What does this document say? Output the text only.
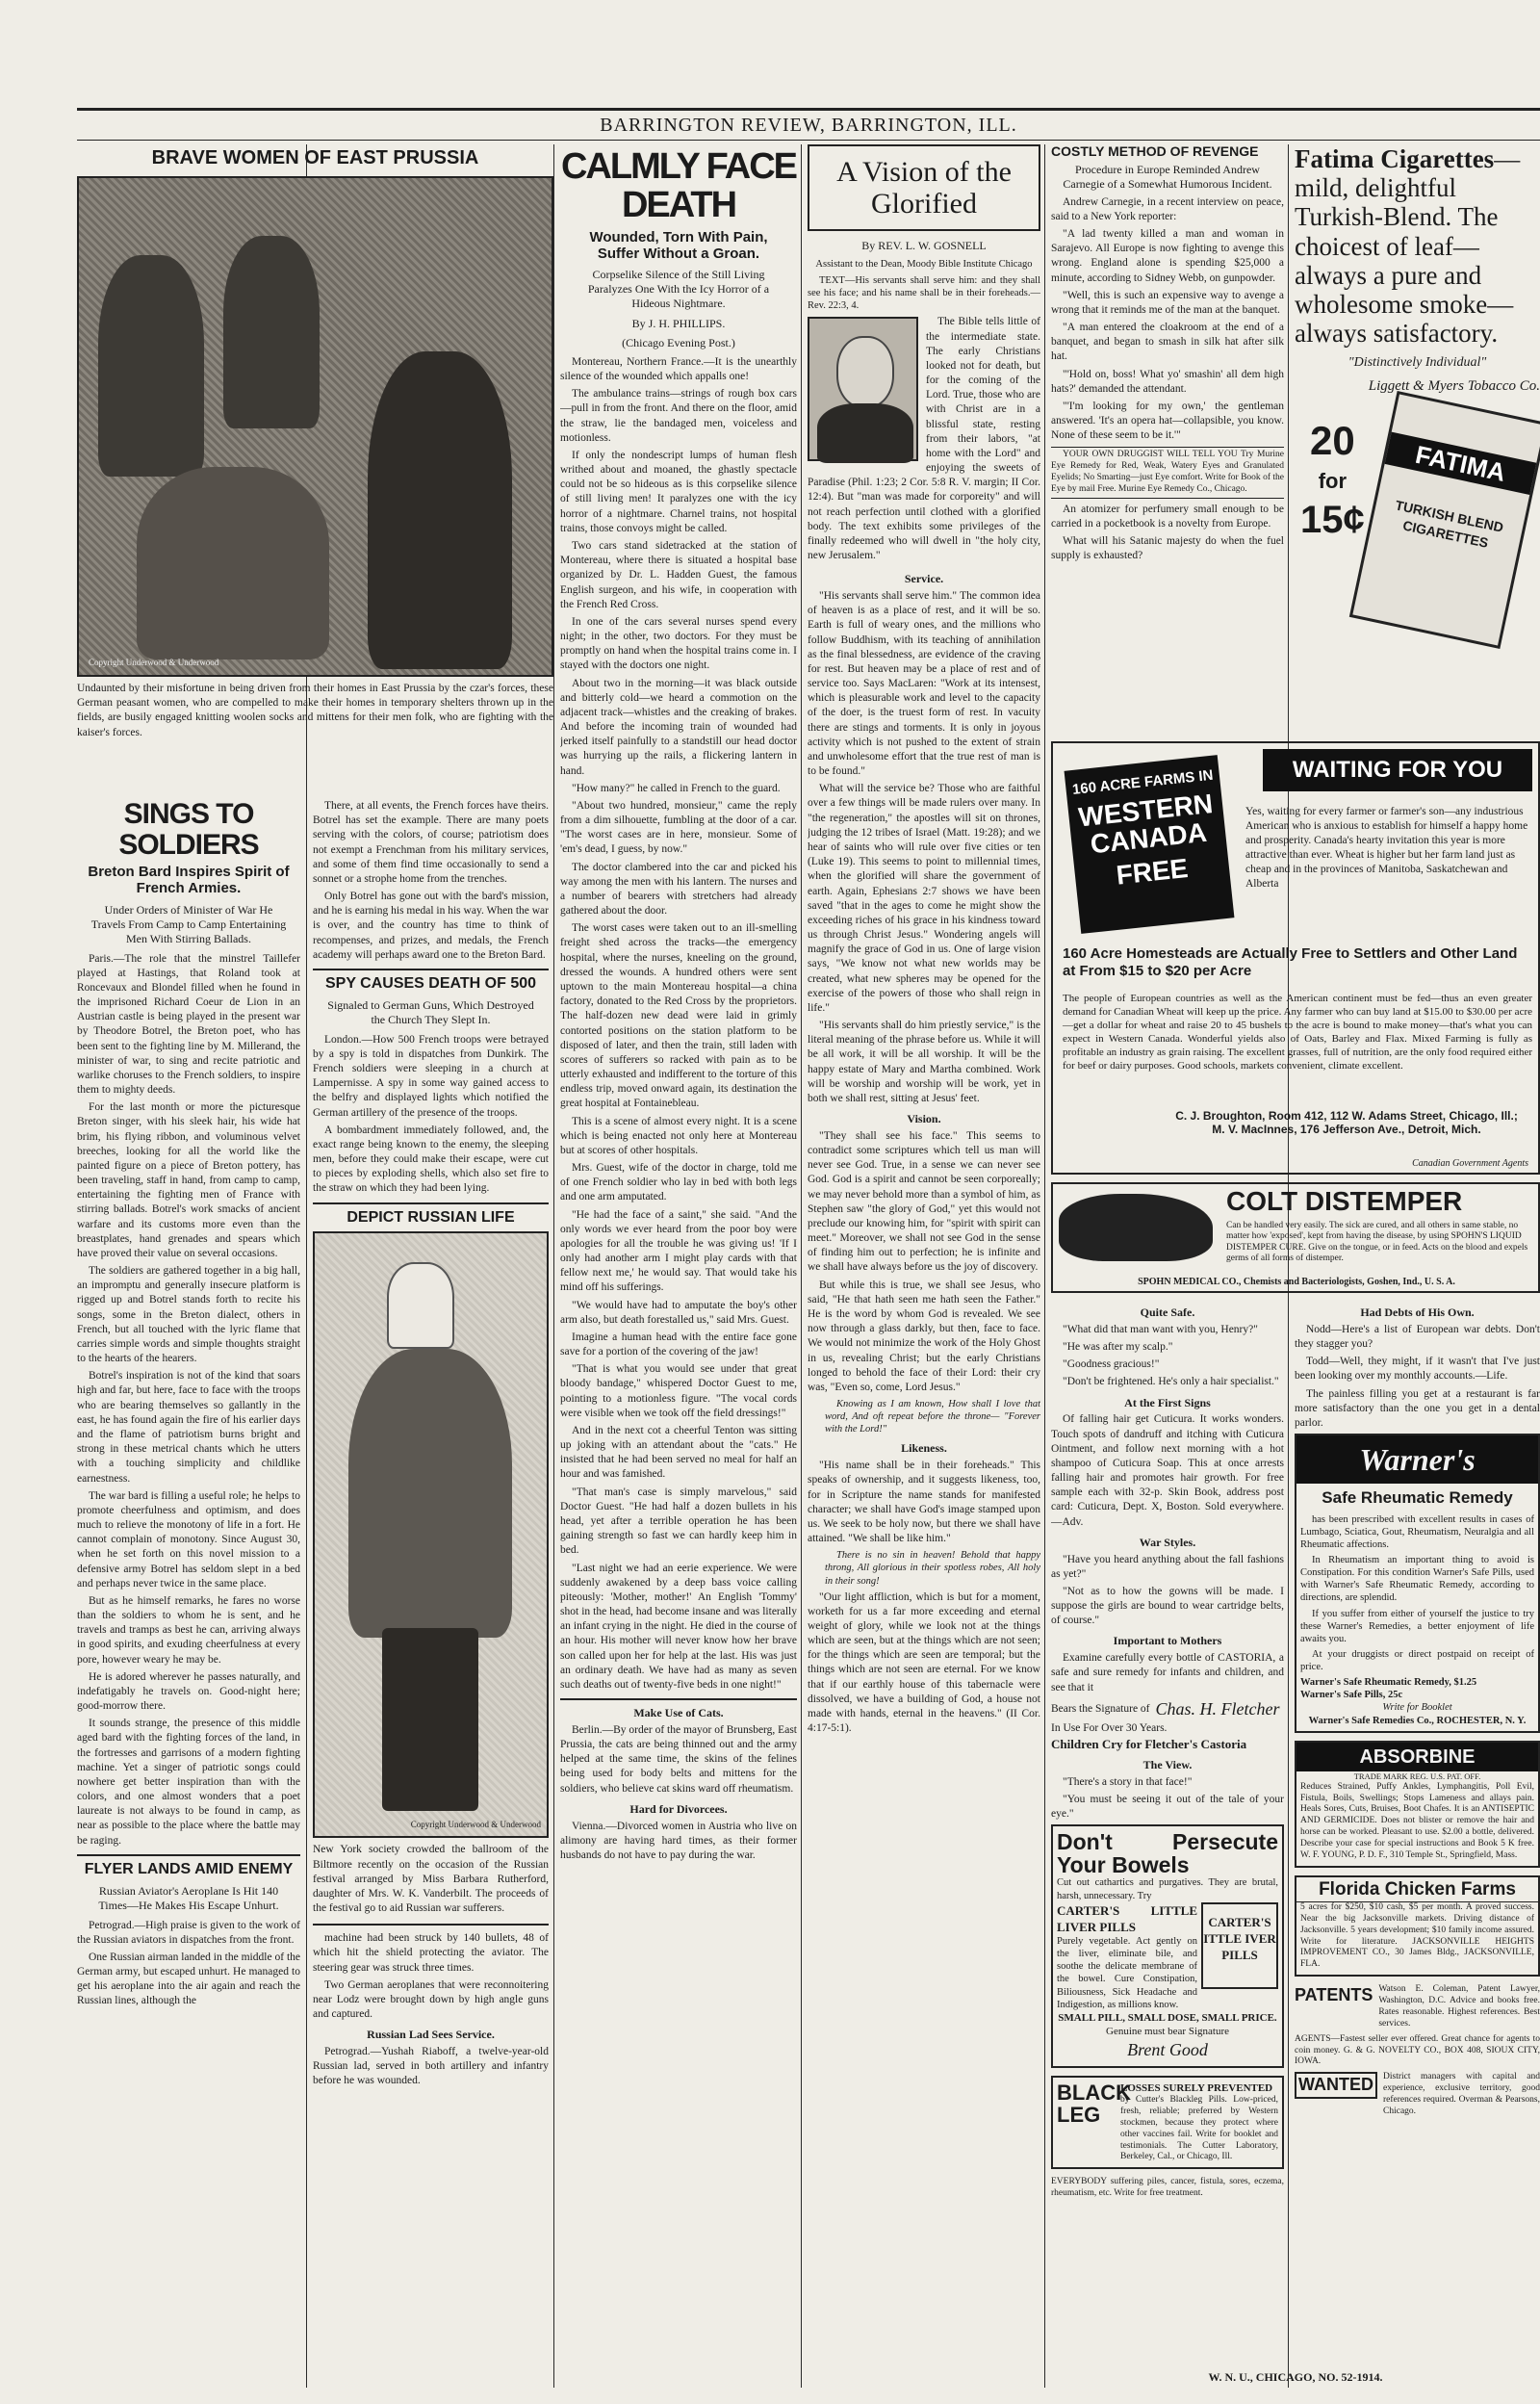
BARRINGTON REVIEW, BARRINGTON, ILL.
BRAVE WOMEN OF EAST PRUSSIA
Copyright Underwood & Underwood
Undaunted by their misfortune in being driven from their homes in East Prussia by the czar's forces, these German peasant women, who are compelled to make their homes in temporary shelters thrown up in the fields, are busily engaged knitting woolen socks and mittens for their men folk, who are fighting with the kaiser's forces.
SINGS TO SOLDIERS
Breton Bard Inspires Spirit of French Armies.
Under Orders of Minister of War He Travels From Camp to Camp Entertaining Men With Stirring Ballads.
Paris.—The role that the minstrel Taillefer played at Hastings, that Roland took at Roncevaux and Blondel filled when he found in the imprisoned Richard Coeur de Lion in an Austrian castle is being played in the present war by Theodore Botrel, the Breton poet, who has been sent to the fighting line by M. Millerand, the minister of war, to sing and recite patriotic and warlike choruses to the French soldiers, to inspire them to mighty deeds.
For the last month or more the picturesque Breton singer, with his sleek hair, his wide hat brim, his flying ribbon, and voluminous velvet breeches, looking for all the world like the painted figure on a piece of Breton pottery, has been traveling, staff in hand, from camp to camp, entertaining the fighting men of France with stirring ballads. Botrel's work smacks of ancient warfare and its customs more even than the breastplates, hand grenades and spears which have proved their value on several occasions.
The soldiers are gathered together in a big hall, an impromptu and generally insecure platform is rigged up and Botrel stands forth to recite his songs, some in the Breton dialect, others in French, but all touched with the lyric flame that carries simple words and simple thoughts straight to the hearts of the hearers.
Botrel's inspiration is not of the kind that soars high and far, but here, face to face with the troops who are bearing themselves so gallantly in the east, he has found again the fire of his earlier days and the flame of patriotism burns bright and strong in these metrical chants which he utters with a touching simplicity and childlike earnestness.
The war bard is filling a useful role; he helps to promote cheerfulness and optimism, and does much to relieve the monotony of life in a fort. He cannot complain of monotony. Since August 30, when he set forth on this novel mission to a defensive army Botrel has seldom slept in a bed and perhaps never twice in the same place.
But as he himself remarks, he fares no worse than the soldiers to whom he is sent, and he travels and tramps as best he can, arriving always in good spirits, and exuding cheerfulness at every pore, however weary he may be.
He is adored wherever he passes naturally, and indefatigably he travels on. Good-night here; good-morrow there.
It sounds strange, the presence of this middle aged bard with the fighting forces of the land, in the fortresses and garrisons of a modern fighting machine. Yet a singer of patriotic songs could nowhere get better inspiration than with the colors, and one almost wonders that a poet laureate is not always to be found in camp, as near as possible to the place where the battle may be raging.
FLYER LANDS AMID ENEMY
Russian Aviator's Aeroplane Is Hit 140 Times—He Makes His Escape Unhurt.
Petrograd.—High praise is given to the work of the Russian aviators in dispatches from the front.
One Russian airman landed in the middle of the German army, but escaped unhurt. He managed to get his aeroplane into the air again and reach the Russian lines, although the
There, at all events, the French forces have theirs. Botrel has set the example. There are many poets serving with the colors, of course; patriotism does not exempt a Frenchman from his military services, and some of them find time occasionally to send a sonnet or a strophe home from the trenches.
Only Botrel has gone out with the bard's mission, and he is earning his medal in his way. When the war is over, and the country has time to think of recompenses, and prizes, and medals, the French academy will perhaps award one to the Breton Bard.
SPY CAUSES DEATH OF 500
Signaled to German Guns, Which Destroyed the Church They Slept In.
London.—How 500 French troops were betrayed by a spy is told in dispatches from Dunkirk. The French soldiers were sleeping in a church at Lampernisse. A spy in some way gained access to the belfry and displayed lights which notified the German artillery of the presence of the troops.
A bombardment immediately followed, and, the exact range being known to the enemy, the sleeping men, before they could make their escape, were cut to pieces by exploding shells, which also set fire to the straw on which they had been lying.
DEPICT RUSSIAN LIFE
Copyright Underwood & Underwood
New York society crowded the ballroom of the Biltmore recently on the occasion of the Russian festival arranged by Miss Barbara Rutherford, daughter of Mrs. W. K. Vanderbilt. The proceeds of the festival go to aid Russian war sufferers.
machine had been struck by 140 bullets, 48 of which hit the shield protecting the aviator. The steering gear was struck three times.
Two German aeroplanes that were reconnoitering near Lodz were brought down by high angle guns and captured.
Russian Lad Sees Service.
Petrograd.—Yushah Riaboff, a twelve-year-old Russian lad, served in both artillery and infantry before he was wounded.
CALMLY FACE DEATH
Wounded, Torn With Pain, Suffer Without a Groan.
Corpselike Silence of the Still Living Paralyzes One With the Icy Horror of a Hideous Nightmare.
By J. H. PHILLIPS.
(Chicago Evening Post.)
Montereau, Northern France.—It is the unearthly silence of the wounded which appalls one!
The ambulance trains—strings of rough box cars—pull in from the front. And there on the floor, amid the straw, lie the bandaged men, voiceless and motionless.
If only the nondescript lumps of human flesh writhed about and moaned, the ghastly spectacle could not be so hideous as is this corpselike silence of still living men! It paralyzes one with the icy horror of a nightmare. Charnel trains, not hospital trains, those convoys might be called.
Two cars stand sidetracked at the station of Montereau, where there is situated a hospital base organized by Dr. L. Hadden Guest, the famous English surgeon, and his wife, in cooperation with the French Red Cross.
In one of the cars several nurses spend every night; in the other, two doctors. For they must be promptly on hand when the hospital trains come in. I stayed with the doctors one night.
About two in the morning—it was black outside and bitterly cold—we heard a commotion on the adjacent track—whistles and the creaking of brakes. And before the incoming train of wounded had jerked itself painfully to a standstill our head doctor was hurrying up the rails, a flickering lantern in hand.
"How many?" he called in French to the guard.
"About two hundred, monsieur," came the reply from a dim silhouette, fumbling at the door of a car. "The worst cases are in here, monsieur. Some of 'em's dead, I guess, by now."
The doctor clambered into the car and picked his way among the men with his lantern. The nurses and a number of bearers with stretchers had already gathered about the door.
The worst cases were taken out to an ill-smelling freight shed across the tracks—the emergency hospital, where the nurses, kneeling on the ground, dressed the wounds. A hundred others were sent uptown to the main Montereau hospital—a china factory, donated to the Red Cross by the proprietors. The half-dozen new dead were laid in grimly contorted positions on the station platform to be disposed of later, and then the train, still laden with scores of sufferers so racked with pain as to be utterly exhausted and indifferent to the torture of this endless trip, moved onward again, its destination the great hospital at Fontainebleau.
This is a scene of almost every night. It is a scene which is being enacted not only here at Montereau but at scores of other hospitals.
Mrs. Guest, wife of the doctor in charge, told me of one French soldier who lay in bed with both legs and one arm amputated.
"He had the face of a saint," she said. "And the only words we ever heard from the poor boy were apologies for all the trouble he was giving us! 'If I only had another arm I might play cards with that fellow next me,' he would say. That would take his mind off his sufferings.
"We would have had to amputate the boy's other arm also, but death forestalled us," said Mrs. Guest.
Imagine a human head with the entire face gone save for a portion of the covering of the jaw!
"That is what you would see under that great bloody bandage," whispered Doctor Guest to me, pointing to a motionless figure. "The vocal cords were visible when we took off the field dressings!"
And in the next cot a cheerful Tenton was sitting up joking with an attendant about the "cats." He insisted that he had been served no meal for half an hour and was famished.
"That man's case is simply marvelous," said Doctor Guest. "He had half a dozen bullets in his head, yet after a terrible operation he has been gaining strength so fast we can hardly keep him in bed.
"Last night we had an eerie experience. We were suddenly awakened by a deep bass voice calling piteously: 'Mother, mother!' An English 'Tommy' shot in the head, had become insane and was literally an infant crying in the night. He died in the course of an hour. His mother will never know how her brave son called upon her for help at the last. His was just an ordinary death. We have had as many as seven such deaths out of twenty-five beds in one night!"
Make Use of Cats.
Berlin.—By order of the mayor of Brunsberg, East Prussia, the cats are being thinned out and the army helped at the same time, the skins of the felines being used for body belts and mittens for the soldiers, who believe cat skins ward off rheumatism.
Hard for Divorcees.
Vienna.—Divorced women in Austria who live on alimony are having hard times, as their former husbands do not have to pay during the war.
A Vision of the Glorified
By REV. L. W. GOSNELL
Assistant to the Dean, Moody Bible Institute Chicago
TEXT—His servants shall serve him: and they shall see his face; and his name shall be in their foreheads.—Rev. 22:3, 4.
The Bible tells little of the intermediate state. The early Christians looked not for death, but for the coming of the Lord. True, those who are with Christ are in a blissful state, resting from their labors, "at home with the Lord" and enjoying the sweets of Paradise (Phil. 1:23; 2 Cor. 5:8 R. V. margin; II Cor. 12:4). But "man was made for corporeity" and will not reach perfection until clothed with a glorified body. The text exhibits some privileges of the finally redeemed who will dwell in "the holy city, new Jerusalem."
Service.
"His servants shall serve him." The common idea of heaven is as a place of rest, and it will be so. Earth is full of weary ones, and the millions who follow Buddhism, with its teaching of annihilation as the final blessedness, are evidence of the craving for rest. But heaven may be a place of rest and of service too. Says MacLaren: "Work at its intensest, which is pleasurable work and level to the capacity of the doer, is the truest form of rest. In vacuity there are stings and torments. It is only in joyous activity which is not pushed to the extent of strain and unwholesome effort that the true rest of man is to be found."
What will the service be? Those who are faithful over a few things will be made rulers over many. In "the regeneration," the apostles will sit on thrones, judging the 12 tribes of Israel (Matt. 19:28); and we hear of saints who will rule over five cities or ten (Luke 19). This seems to point to millennial times, when the glorified will share the government of earth. Again, Ephesians 2:7 shows we have been saved "that in the ages to come he might show the exceeding riches of his grace in his kindness toward us through Christ Jesus." Wondering angels will magnify the grace of God in us. One of large vision says, "We know not what new worlds may be created, what new spheres may be opened for the exercise of the powers of those who shall reign in life."
"His servants shall do him priestly service," is the literal meaning of the phrase before us. While it will be all work, it will be all worship. It will be the happy estate of Mary and Martha combined. Work will be worship and worship will be work, yet in both we shall rest, sitting at Jesus' feet.
Vision.
"They shall see his face." This seems to contradict some scriptures which tell us man will never see God. True, in a sense we can never see God. God is a spirit and cannot be seen corporeally; we may never behold more than a symbol of him, as Stephen saw "the glory of God," yet this would not preclude our knowing him, for "spirit with spirit can meet." Moreover, we shall not see God in the sense of finding him out to perfection; he is infinite and we shall have always before us the joy of discovery.
But while this is true, we shall see Jesus, who said, "He that hath seen me hath seen the Father." He is the word by whom God is revealed. We see now through a glass darkly, but then, face to face. We would not minimize the work of the Holy Ghost in us, revealing Christ; but the early Christians longed to behold the face of their Lord: their cry was, "Even so, come, Lord Jesus."
Knowing as I am known, How shall I love that word, And oft repeat before the throne— "Forever with the Lord!"
Likeness.
"His name shall be in their foreheads." This speaks of ownership, and it suggests likeness, too, for in Scripture the name stands for manifested character; we shall have God's image stamped upon us. We seek to be holy now, but there we shall have attained. "We shall be like him."
There is no sin in heaven! Behold that happy throng, All glorious in their spotless robes, All holy in their song!
"Our light affliction, which is but for a moment, worketh for us a far more exceeding and eternal weight of glory, while we look not at the things which are seen, but at the things which are not seen; for the things which are seen are temporal; but the things which are not seen are eternal. For we know that if our earthly house of this tabernacle were dissolved, we have a building of God, a house not made with hands, eternal in the heavens." (II Cor. 4:17-5:1).
COSTLY METHOD OF REVENGE
Procedure in Europe Reminded Andrew Carnegie of a Somewhat Humorous Incident.
Andrew Carnegie, in a recent interview on peace, said to a New York reporter:
"A lad twenty killed a man and woman in Sarajevo. All Europe is now fighting to avenge this wrong. England alone is spending $25,000 a minute, according to Sidney Webb, on gunpowder.
"Well, this is such an expensive way to avenge a wrong that it reminds me of the man at the banquet.
"A man entered the cloakroom at the end of a banquet, and began to smash in silk hat after silk hat.
"'Hold on, boss! What yo' smashin' all dem high hats?' demanded the attendant.
"'I'm looking for my own,' the gentleman answered. 'It's an opera hat—collapsible, you know. None of these seem to be it.'"
YOUR OWN DRUGGIST WILL TELL YOU Try Murine Eye Remedy for Red, Weak, Watery Eyes and Granulated Eyelids; No Smarting—just Eye comfort. Write for Book of the Eye by mail Free. Murine Eye Remedy Co., Chicago.
An atomizer for perfumery small enough to be carried in a pocketbook is a novelty from Europe.
What will his Satanic majesty do when the fuel supply is exhausted?
Fatima Cigarettes—mild, delightful Turkish-Blend. The choicest of leaf—always a pure and wholesome smoke—always satisfactory.
"Distinctively Individual"
Liggett & Myers Tobacco Co.
20
for
15¢
FATIMA
TURKISH BLEND CIGARETTES
WAITING FOR YOU
160 ACRE FARMS IN
WESTERN CANADA
FREE
Yes, waiting for every farmer or farmer's son—any industrious American who is anxious to establish for himself a happy home and prosperity. Canada's hearty invitation this year is more attractive than ever. Wheat is higher but her farm land just as cheap and in the provinces of Manitoba, Saskatchewan and Alberta
160 Acre Homesteads are Actually Free to Settlers and Other Land at From $15 to $20 per Acre
The people of European countries as well as the American continent must be fed—thus an even greater demand for Canadian Wheat will keep up the price. Any farmer who can buy land at $15.00 to $30.00 per acre—get a dollar for wheat and raise 20 to 45 bushels to the acre is bound to make money—that's what you can expect in Western Canada. Wonderful yields also of Oats, Barley and Flax. Mixed Farming is fully as profitable an industry as grain raising. The excellent grasses, full of nutrition, are the only food required either for beef or dairy purposes. Good schools, markets convenient, climate excellent.
C. J. Broughton, Room 412, 112 W. Adams Street, Chicago, Ill.; M. V. MacInnes, 176 Jefferson Ave., Detroit, Mich.
Canadian Government Agents
COLT DISTEMPER
Can be handled very easily. The sick are cured, and all others in same stable, no matter how 'exposed', kept from having the disease, by using SPOHN'S LIQUID DISTEMPER CURE. Give on the tongue, or in feed. Acts on the blood and expels germs of all forms of distemper.
SPOHN MEDICAL CO., Chemists and Bacteriologists, Goshen, Ind., U. S. A.
Quite Safe.
"What did that man want with you, Henry?"
"He was after my scalp."
"Goodness gracious!"
"Don't be frightened. He's only a hair specialist."
At the First Signs
Of falling hair get Cuticura. It works wonders. Touch spots of dandruff and itching with Cuticura Ointment, and follow next morning with a hot shampoo of Cuticura Soap. This at once arrests falling hair and promotes hair growth. For free sample each with 32-p. Skin Book, address post card: Cuticura, Dept. X, Boston. Sold everywhere.—Adv.
War Styles.
"Have you heard anything about the fall fashions as yet?"
"Not as to how the gowns will be made. I suppose the girls are bound to wear cartridge belts, of course."
Important to Mothers
Examine carefully every bottle of CASTORIA, a safe and sure remedy for infants and children, and see that it
Bears the Signature of Chas. H. Fletcher
In Use For Over 30 Years.
Children Cry for Fletcher's Castoria
The View.
"There's a story in that face!"
"You must be seeing it out of the tale of your eye."
Don't Persecute Your Bowels
Cut out cathartics and purgatives. They are brutal, harsh, unnecessary. Try
CARTER'S ITTLE IVER PILLS
CARTER'S LITTLE LIVER PILLS
Purely vegetable. Act gently on the liver, eliminate bile, and soothe the delicate membrane of the bowel. Cure Constipation, Biliousness, Sick Headache and Indigestion, as millions know.
SMALL PILL, SMALL DOSE, SMALL PRICE.
Genuine must bear Signature
Brent Good
BLACK LEG
LOSSES SURELY PREVENTED
by Cutter's Blackleg Pills. Low-priced, fresh, reliable; preferred by Western stockmen, because they protect where other vaccines fail. Write for booklet and testimonials. The Cutter Laboratory, Berkeley, Cal., or Chicago, Ill.
EVERYBODY suffering piles, cancer, fistula, sores, eczema, rheumatism, etc. Write for free treatment.
Had Debts of His Own.
Nodd—Here's a list of European war debts. Don't they stagger you?
Todd—Well, they might, if it wasn't that I've just been looking over my monthly accounts.—Life.
The painless filling you get at a restaurant is far more satisfactory than the one you get in a dental parlor.
Warner's
Safe Rheumatic Remedy
has been prescribed with excellent results in cases of Lumbago, Sciatica, Gout, Rheumatism, Neuralgia and all Rheumatic affections.
In Rheumatism an important thing to avoid is Constipation. For this condition Warner's Safe Pills, used with Warner's Safe Rheumatic Remedy, according to directions, are splendid.
If you suffer from either of yourself the justice to try these Warner's Remedies, a better enjoyment of life awaits you.
At your druggists or direct postpaid on receipt of price.
Warner's Safe Rheumatic Remedy, $1.25
Warner's Safe Pills, 25c
Write for Booklet
Warner's Safe Remedies Co., ROCHESTER, N. Y.
ABSORBINE
TRADE MARK REG. U.S. PAT. OFF.
Reduces Strained, Puffy Ankles, Lymphangitis, Poll Evil, Fistula, Boils, Swellings; Stops Lameness and allays pain. Heals Sores, Cuts, Bruises, Boot Chafes. It is an ANTISEPTIC AND GERMICIDE. Does not blister or remove the hair and horse can be worked. Pleasant to use. $2.00 a bottle, delivered. Describe your case for special instructions and Book 5 K free. W. F. YOUNG, P. D. F., 310 Temple St., Springfield, Mass.
Florida Chicken Farms
5 acres for $250, $10 cash, $5 per month. A proved success. Near the big Jacksonville markets. Driving distance of Jacksonville. 5 years development; $10 family income assured. Write for literature. JACKSONVILLE HEIGHTS IMPROVEMENT CO., 30 James Bldg., JACKSONVILLE, FLA.
PATENTS Watson E. Coleman, Patent Lawyer, Washington, D.C. Advice and books free. Rates reasonable. Highest references. Best services.
AGENTS—Fastest seller ever offered. Great chance for agents to coin money. G. & G. NOVELTY CO., BOX 408, SIOUX CITY, IOWA.
WANTED	District managers with capital and experience, exclusive territory, good references required. Overman & Pearsons, Chicago.
W. N. U., CHICAGO, NO. 52-1914.
